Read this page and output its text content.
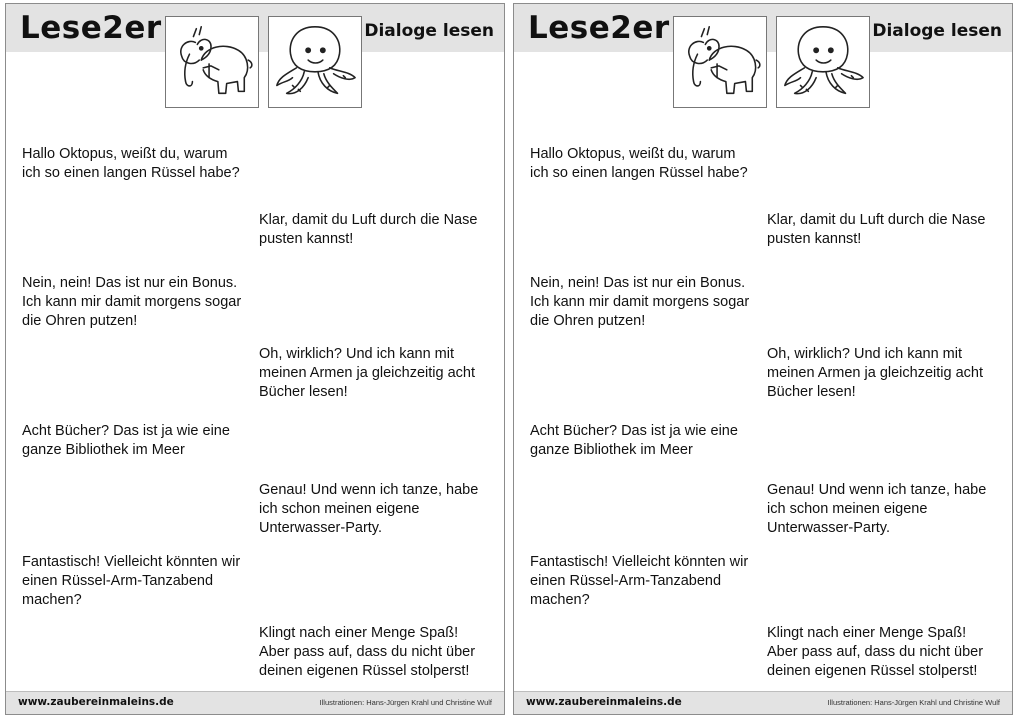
Lese2er	Dialoge lesen

Hallo Oktopus, weißt du, warum
ich so einen langen Rüssel habe?

Klar, damit du Luft durch die Nase
pusten kannst!

Nein, nein! Das ist nur ein Bonus.
Ich kann mir damit morgens sogar
die Ohren putzen!

Oh, wirklich? Und ich kann mit
meinen Armen ja gleichzeitig acht
Bücher lesen!

Acht Bücher? Das ist ja wie eine
ganze Bibliothek im Meer

Genau! Und wenn ich tanze, habe
ich schon meinen eigene
Unterwasser-Party.

Fantastisch! Vielleicht könnten wir
einen Rüssel-Arm-Tanzabend
machen?

Klingt nach einer Menge Spaß!
Aber pass auf, dass du nicht über
deinen eigenen Rüssel stolperst!

www.zaubereinmaleins.de	Illustrationen: Hans-Jürgen Krahl und Christine Wulf
Lese2er	Dialoge lesen

Hallo Oktopus, weißt du, warum
ich so einen langen Rüssel habe?

Klar, damit du Luft durch die Nase
pusten kannst!

Nein, nein! Das ist nur ein Bonus.
Ich kann mir damit morgens sogar
die Ohren putzen!

Oh, wirklich? Und ich kann mit
meinen Armen ja gleichzeitig acht
Bücher lesen!

Acht Bücher? Das ist ja wie eine
ganze Bibliothek im Meer

Genau! Und wenn ich tanze, habe
ich schon meinen eigene
Unterwasser-Party.

Fantastisch! Vielleicht könnten wir
einen Rüssel-Arm-Tanzabend
machen?

Klingt nach einer Menge Spaß!
Aber pass auf, dass du nicht über
deinen eigenen Rüssel stolperst!

www.zaubereinmaleins.de	Illustrationen: Hans-Jürgen Krahl und Christine Wulf
